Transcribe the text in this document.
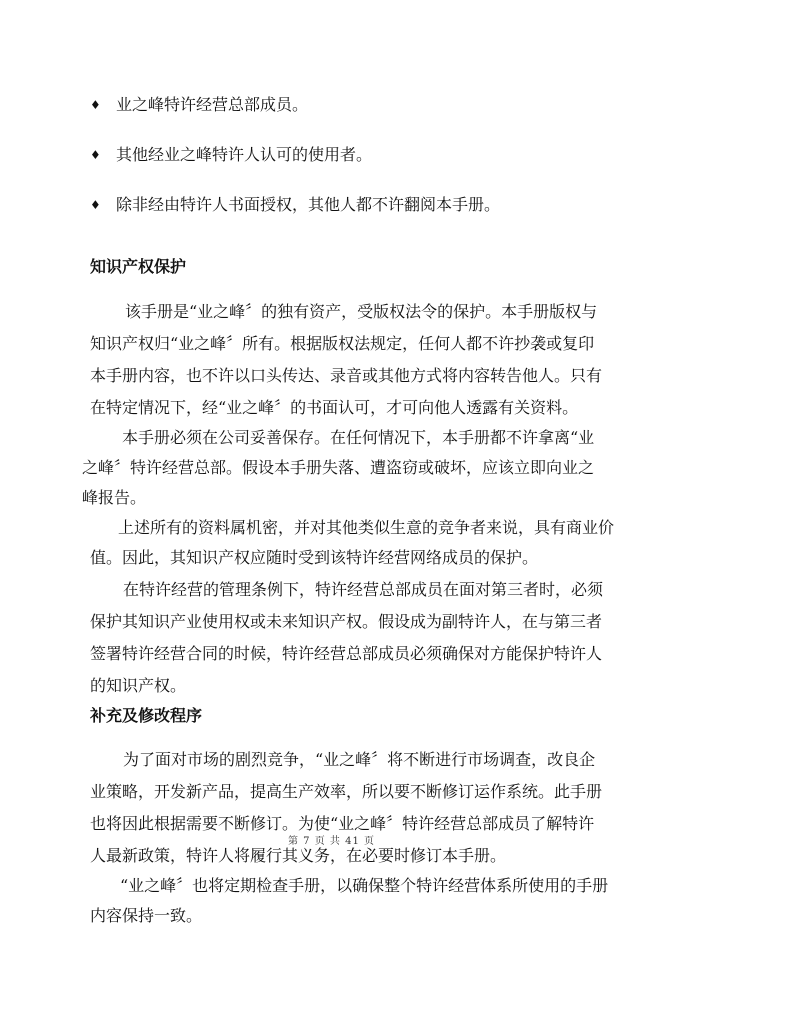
♦ 业之峰特许经营总部成员。
♦ 其他经业之峰特许人认可的使用者。
♦ 除非经由特许人书面授权，其他人都不许翻阅本手册。
知识产权保护
该手册是“业之峰〞的独有资产，受版权法令的保护。本手册版权与
知识产权归“业之峰〞所有。根据版权法规定，任何人都不许抄袭或复印
本手册内容，也不许以口头传达、录音或其他方式将内容转告他人。只有
在特定情况下，经“业之峰〞的书面认可，才可向他人透露有关资料。
本手册必须在公司妥善保存。在任何情况下，本手册都不许拿离“业
之峰〞特许经营总部。假设本手册失落、遭盗窃或破坏，应该立即向业之
峰报告。
上述所有的资料属机密，并对其他类似生意的竞争者来说，具有商业价
值。因此，其知识产权应随时受到该特许经营网络成员的保护。
在特许经营的管理条例下，特许经营总部成员在面对第三者时，必须
保护其知识产业使用权或未来知识产权。假设成为副特许人，在与第三者
签署特许经营合同的时候，特许经营总部成员必须确保对方能保护特许人
的知识产权。
补充及修改程序
为了面对市场的剧烈竞争，“业之峰〞将不断进行市场调查，改良企
业策略，开发新产品，提高生产效率，所以要不断修订运作系统。此手册
也将因此根据需要不断修订。为使“业之峰〞特许经营总部成员了解特许
人最新政策，特许人将履行其义务，在必要时修订本手册。
“业之峰〞也将定期检查手册，以确保整个特许经营体系所使用的手册
内容保持一致。
第 7 页 共 41 页
